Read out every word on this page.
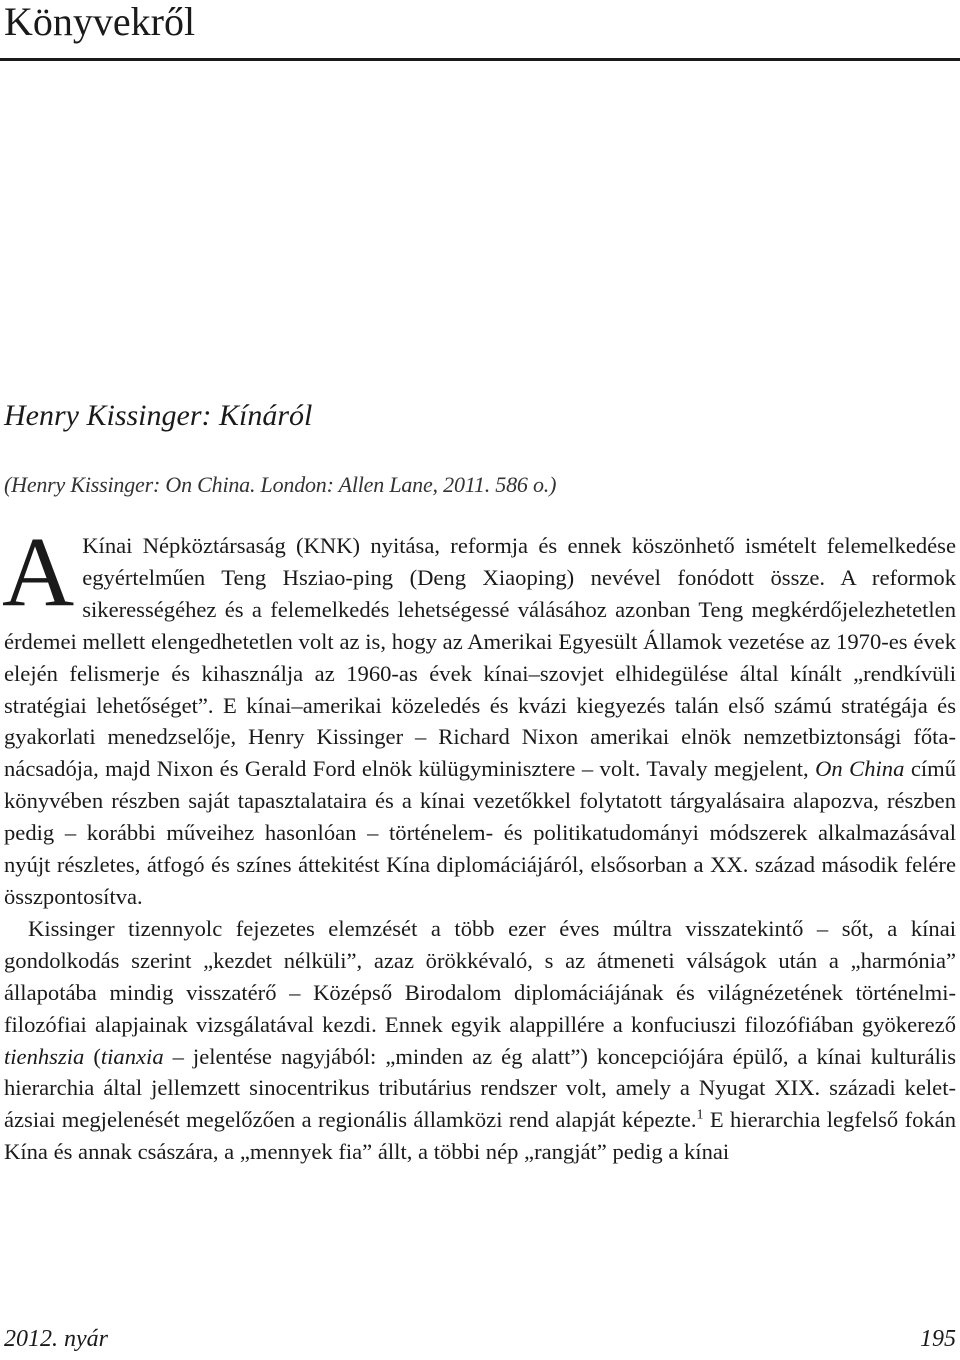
Könyvekről
Henry Kissinger: Kínáról

(Henry Kissinger: On China. London: Allen Lane, 2011. 586 o.)

A Kínai Népköztársaság (KNK) nyitása, reformja és ennek köszönhető ismételt felemelkedése egyértelműen Teng Hsziao-ping (Deng Xiaoping) nevével fonódott össze. A reformok sikerességéhez és a felemelkedés lehetségessé válásához azonban Teng megkérdőjelezhetetlen érdemei mellett elengedhetetlen volt az is, hogy az Amerikai Egyesült Államok vezetése az 1970-es évek elején felismerje és kihasználja az 1960-as évek kínai–szovjet elhidegülése által kínált „rendkívüli stratégiai lehetőséget”. E kínai–amerikai közeledés és kvázi kiegyezés talán első számú stratégája és gyakorlati menedzselője, Henry Kissinger – Richard Nixon amerikai elnök nemzetbiztonsági főtanácsadója, majd Nixon és Gerald Ford elnök külügyminisztere – volt. Tavaly megjelent, On China című könyvében részben saját tapasztalataira és a kínai vezetőkkel folytatott tárgyalásaira alapozva, részben pedig – korábbi műveihez hasonlóan – történelem- és politikatudományi módszerek alkalmazásával nyújt részletes, átfogó és színes áttekitést Kína diplomáciájáról, elsősorban a XX. század második felére összpontosítva.

Kissinger tizennyolc fejezetes elemzését a több ezer éves múltra visszatekintő – sőt, a kínai gondolkodás szerint „kezdet nélküli”, azaz örökkévaló, s az átmeneti válságok után a „harmónia” állapotába mindig visszatérő – Középső Birodalom diplomáciájának és világnézetének történelmi-filozófiai alapjainak vizsgálatával kezdi. Ennek egyik alappillére a konfuciuszi filozófiában gyökerező tienhszia (tianxia – jelentése nagyjából: „minden az ég alatt”) koncepciójára épülő, a kínai kulturális hierarchia által jellemzett sinocentrikus tributárius rendszer volt, amely a Nyugat XIX. századi kelet-ázsiai megjelenését megelőzően a regionális államközi rend alapját képezte.$^1$ E hierarchia legfelső fokán Kína és annak császára, a „mennyek fia” állt, a többi nép „rangját” pedig a kínai

2012. nyár	195
